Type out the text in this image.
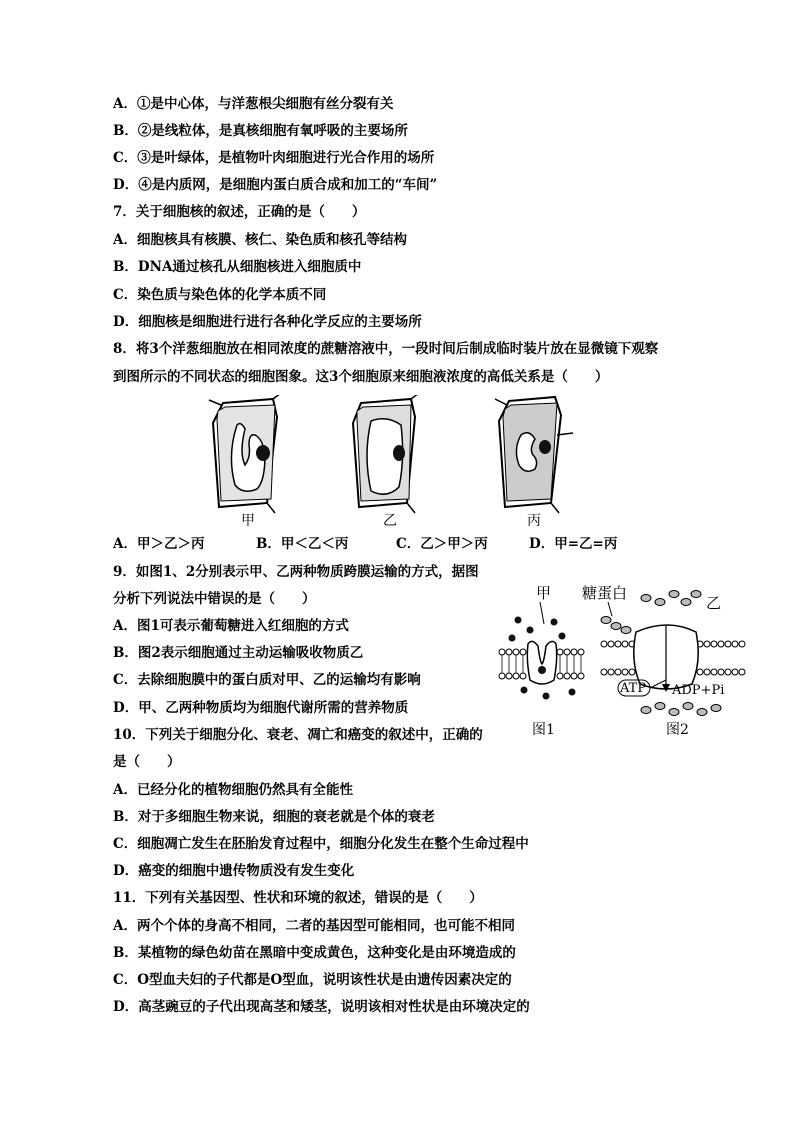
A．①是中心体，与洋葱根尖细胞有丝分裂有关
B．②是线粒体，是真核细胞有氧呼吸的主要场所
C．③是叶绿体，是植物叶肉细胞进行光合作用的场所
D．④是内质网，是细胞内蛋白质合成和加工的“车间”
7．关于细胞核的叙述，正确的是（　　）
A．细胞核具有核膜、核仁、染色质和核孔等结构
B．DNA通过核孔从细胞核进入细胞质中
C．染色质与染色体的化学本质不同
D．细胞核是细胞进行进行各种化学反应的主要场所
8．将3个洋葱细胞放在相同浓度的蔗糖溶液中，一段时间后制成临时装片放在显微镜下观察
到图所示的不同状态的细胞图象。这3个细胞原来细胞液浓度的高低关系是（　　）
甲	乙	丙
A．甲＞乙＞丙	B．甲＜乙＜丙	C．乙＞甲＞丙	D．甲=乙=丙
9．如图1、2分别表示甲、乙两种物质跨膜运输的方式，据图
分析下列说法中错误的是（　　）
A．图1可表示葡萄糖进入红细胞的方式
B．图2表示细胞通过主动运输吸收物质乙
C．去除细胞膜中的蛋白质对甲、乙的运输均有影响
D．甲、乙两种物质均为细胞代谢所需的营养物质
甲
图1
糖蛋白
乙
ATP ADP+Pi
图2
10．下列关于细胞分化、衰老、凋亡和癌变的叙述中，正确的
是（　　）
A．已经分化的植物细胞仍然具有全能性
B．对于多细胞生物来说，细胞的衰老就是个体的衰老
C．细胞凋亡发生在胚胎发育过程中，细胞分化发生在整个生命过程中
D．癌变的细胞中遗传物质没有发生变化
11．下列有关基因型、性状和环境的叙述，错误的是（　　）
A．两个个体的身高不相同，二者的基因型可能相同，也可能不相同
B．某植物的绿色幼苗在黑暗中变成黄色，这种变化是由环境造成的
C．O型血夫妇的子代都是O型血，说明该性状是由遗传因素决定的
D．高茎豌豆的子代出现高茎和矮茎，说明该相对性状是由环境决定的
